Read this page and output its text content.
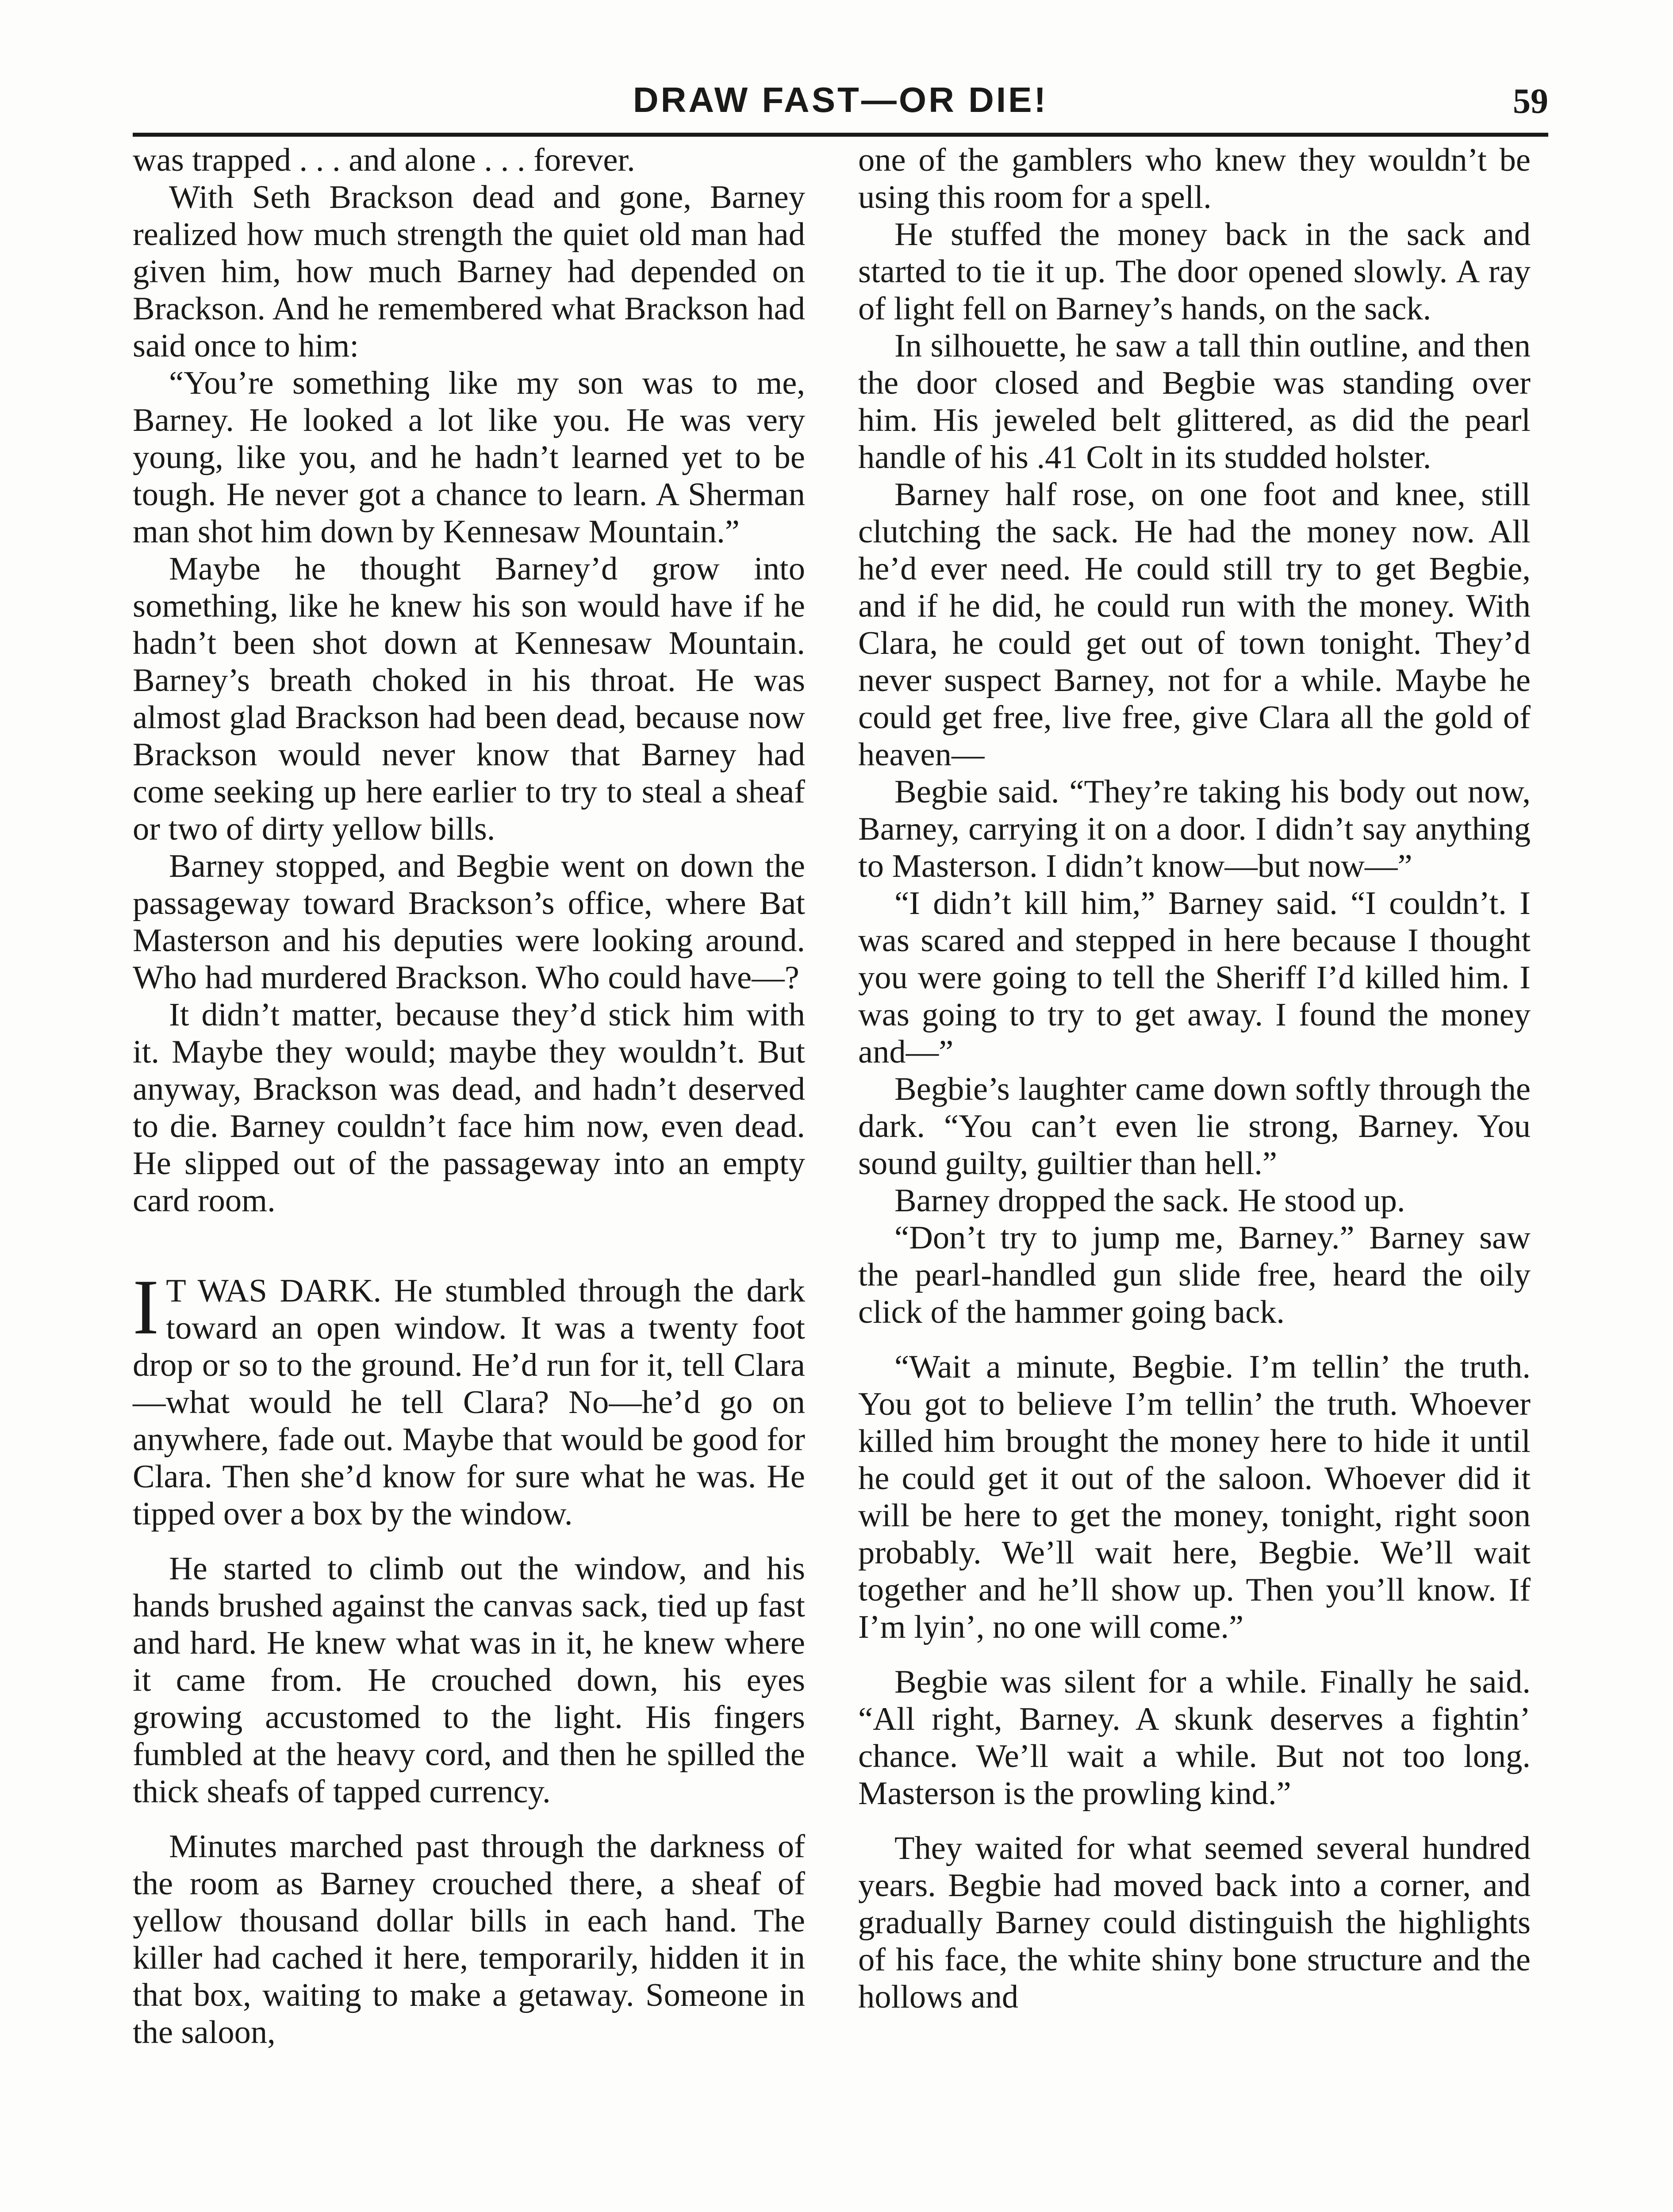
DRAW FAST—OR DIE!	59

was trapped . . . and alone . . . forever.

With Seth Brackson dead and gone, Barney realized how much strength the quiet old man had given him, how much Barney had depended on Brackson. And he remembered what Brackson had said once to him:

“You’re something like my son was to me, Barney. He looked a lot like you. He was very young, like you, and he hadn’t learned yet to be tough. He never got a chance to learn. A Sherman man shot him down by Kennesaw Mountain.”

Maybe he thought Barney’d grow into something, like he knew his son would have if he hadn’t been shot down at Kennesaw Mountain. Barney’s breath choked in his throat. He was almost glad Brackson had been dead, because now Brackson would never know that Barney had come seeking up here earlier to try to steal a sheaf or two of dirty yellow bills.

Barney stopped, and Begbie went on down the passageway toward Brackson’s office, where Bat Masterson and his deputies were looking around. Who had murdered Brackson. Who could have—?

It didn’t matter, because they’d stick him with it. Maybe they would; maybe they wouldn’t. But anyway, Brackson was dead, and hadn’t deserved to die. Barney couldn’t face him now, even dead. He slipped out of the passageway into an empty card room.

I T WAS DARK. He stumbled through the dark toward an open window. It was a twenty foot drop or so to the ground. He’d run for it, tell Clara—what would he tell Clara? No—he’d go on anywhere, fade out. Maybe that would be good for Clara. Then she’d know for sure what he was. He tipped over a box by the window.

He started to climb out the window, and his hands brushed against the canvas sack, tied up fast and hard. He knew what was in it, he knew where it came from. He crouched down, his eyes growing accustomed to the light. His fingers fumbled at the heavy cord, and then he spilled the thick sheafs of tapped currency.

Minutes marched past through the darkness of the room as Barney crouched there, a sheaf of yellow thousand dollar bills in each hand. The killer had cached it here, temporarily, hidden it in that box, waiting to make a getaway. Someone in the saloon,

one of the gamblers who knew they wouldn’t be using this room for a spell.

He stuffed the money back in the sack and started to tie it up. The door opened slowly. A ray of light fell on Barney’s hands, on the sack.

In silhouette, he saw a tall thin outline, and then the door closed and Begbie was standing over him. His jeweled belt glittered, as did the pearl handle of his .41 Colt in its studded holster.

Barney half rose, on one foot and knee, still clutching the sack. He had the money now. All he’d ever need. He could still try to get Begbie, and if he did, he could run with the money. With Clara, he could get out of town tonight. They’d never suspect Barney, not for a while. Maybe he could get free, live free, give Clara all the gold of heaven—

Begbie said. “They’re taking his body out now, Barney, carrying it on a door. I didn’t say anything to Masterson. I didn’t know—but now—”

“I didn’t kill him,” Barney said. “I couldn’t. I was scared and stepped in here because I thought you were going to tell the Sheriff I’d killed him. I was going to try to get away. I found the money and—”

Begbie’s laughter came down softly through the dark. “You can’t even lie strong, Barney. You sound guilty, guiltier than hell.”

Barney dropped the sack. He stood up.

“Don’t try to jump me, Barney.” Barney saw the pearl-handled gun slide free, heard the oily click of the hammer going back.

“Wait a minute, Begbie. I’m tellin’ the truth. You got to believe I’m tellin’ the truth. Whoever killed him brought the money here to hide it until he could get it out of the saloon. Whoever did it will be here to get the money, tonight, right soon probably. We’ll wait here, Begbie. We’ll wait together and he’ll show up. Then you’ll know. If I’m lyin’, no one will come.”

Begbie was silent for a while. Finally he said. “All right, Barney. A skunk deserves a fightin’ chance. We’ll wait a while. But not too long. Masterson is the prowling kind.”

They waited for what seemed several hundred years. Begbie had moved back into a corner, and gradually Barney could distinguish the highlights of his face, the white shiny bone structure and the hollows and
